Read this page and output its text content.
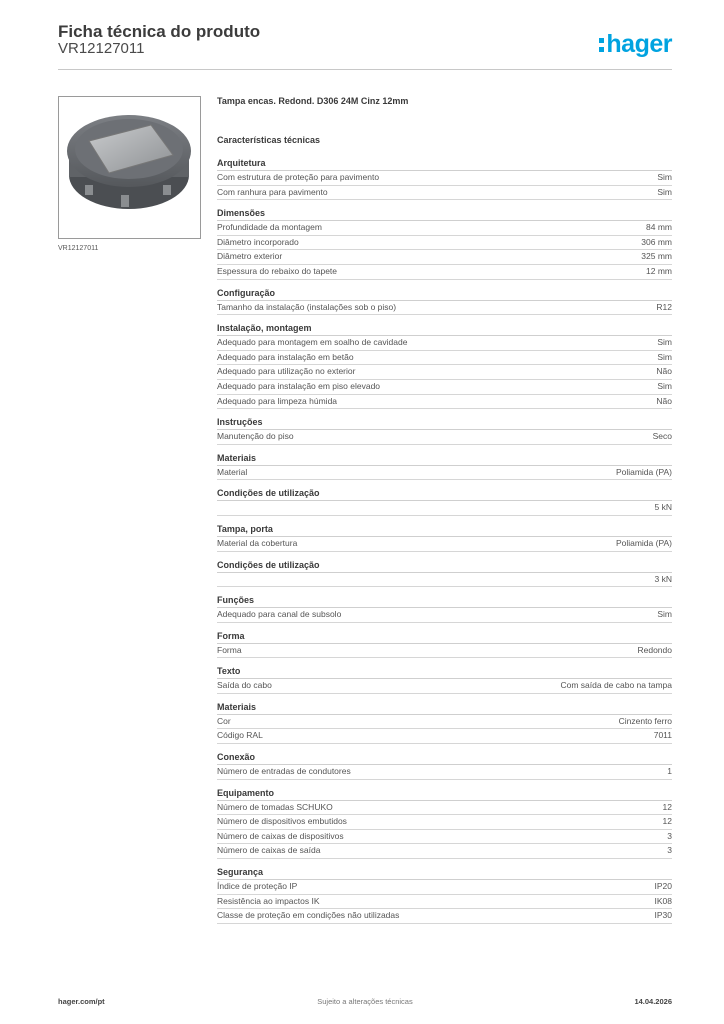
Ficha técnica do produto
VR12127011	hager
VR12127011
Tampa encas. Redond. D306 24M Cinz 12mm
Características técnicas
Arquitetura
Com estrutura de proteção para pavimento	Sim
Com ranhura para pavimento	Sim
Dimensões
Profundidade da montagem	84 mm
Diâmetro incorporado	306 mm
Diâmetro exterior	325 mm
Espessura do rebaixo do tapete	12 mm
Configuração
Tamanho da instalação (instalações sob o piso)	R12
Instalação, montagem
Adequado para montagem em soalho de cavidade	Sim
Adequado para instalação em betão	Sim
Adequado para utilização no exterior	Não
Adequado para instalação em piso elevado	Sim
Adequado para limpeza húmida	Não
Instruções
Manutenção do piso	Seco
Materiais
Material	Poliamida (PA)
Condições de utilização
5 kN
Tampa, porta
Material da cobertura	Poliamida (PA)
Condições de utilização
3 kN
Funções
Adequado para canal de subsolo	Sim
Forma
Forma	Redondo
Texto
Saída do cabo	Com saída de cabo na tampa
Materiais
Cor	Cinzento ferro
Código RAL	7011
Conexão
Número de entradas de condutores	1
Equipamento
Número de tomadas SCHUKO	12
Número de dispositivos embutidos	12
Número de caixas de dispositivos	3
Número de caixas de saída	3
Segurança
Índice de proteção IP	IP20
Resistência ao impactos IK	IK08
Classe de proteção em condições não utilizadas	IP30
hager.com/pt	Sujeito a alterações técnicas	14.04.2026
